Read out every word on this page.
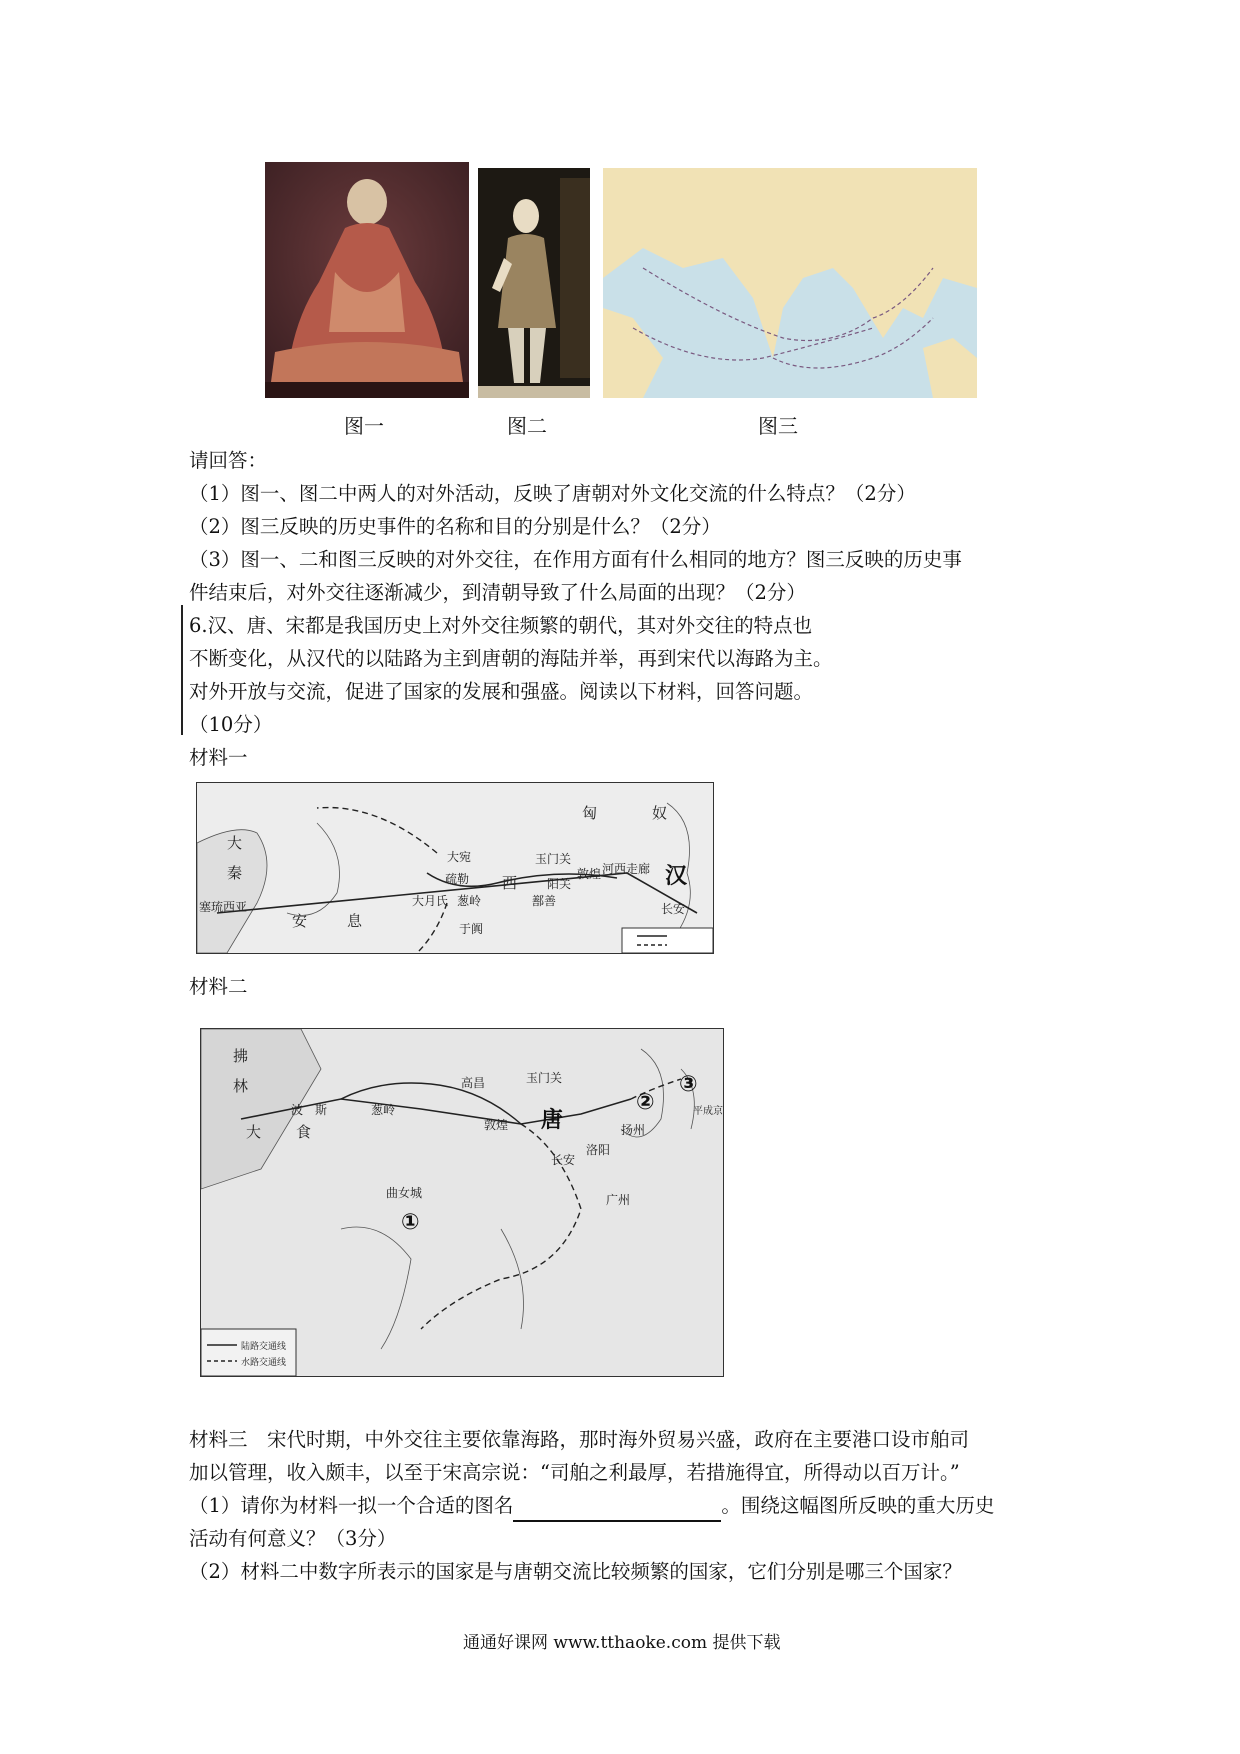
图一	图二	图三
请回答：
（1）图一、图二中两人的对外活动，反映了唐朝对外文化交流的什么特点？（2分）
（2）图三反映的历史事件的名称和目的分别是什么？（2分）
（3）图一、二和图三反映的对外交往，在作用方面有什么相同的地方？图三反映的历史事
件结束后，对外交往逐渐减少，到清朝导致了什么局面的出现？（2分）
6.汉、唐、宋都是我国历史上对外交往频繁的朝代，其对外交往的特点也
不断变化，从汉代的以陆路为主到唐朝的海陆并举，再到宋代以海路为主。
对外开放与交流，促进了国家的发展和强盛。阅读以下材料，回答问题。
（10分）
材料一
匈	奴
大
秦
塞琉西亚
安	息
大宛
疏勒
大月氏 葱岭
西
玉门关
敦煌
阳关
河西走廊
鄯善
于阗
汉
长安
材料二
陆路交通线
水路交通线
拂
林
大 食
波　斯	葱岭
高昌	玉门关
敦煌 唐
长安
洛阳
扬州
广州
曲女城
平成京
①
②
③
材料三　宋代时期，中外交往主要依靠海路，那时海外贸易兴盛，政府在主要港口设市舶司
加以管理，收入颇丰，以至于宋高宗说：“司舶之利最厚，若措施得宜，所得动以百万计。”
（1）请你为材料一拟一个合适的图名	。围绕这幅图所反映的重大历史
活动有何意义？（3分）
（2）材料二中数字所表示的国家是与唐朝交流比较频繁的国家，它们分别是哪三个国家？
通通好课网 www.tthaoke.com 提供下载
